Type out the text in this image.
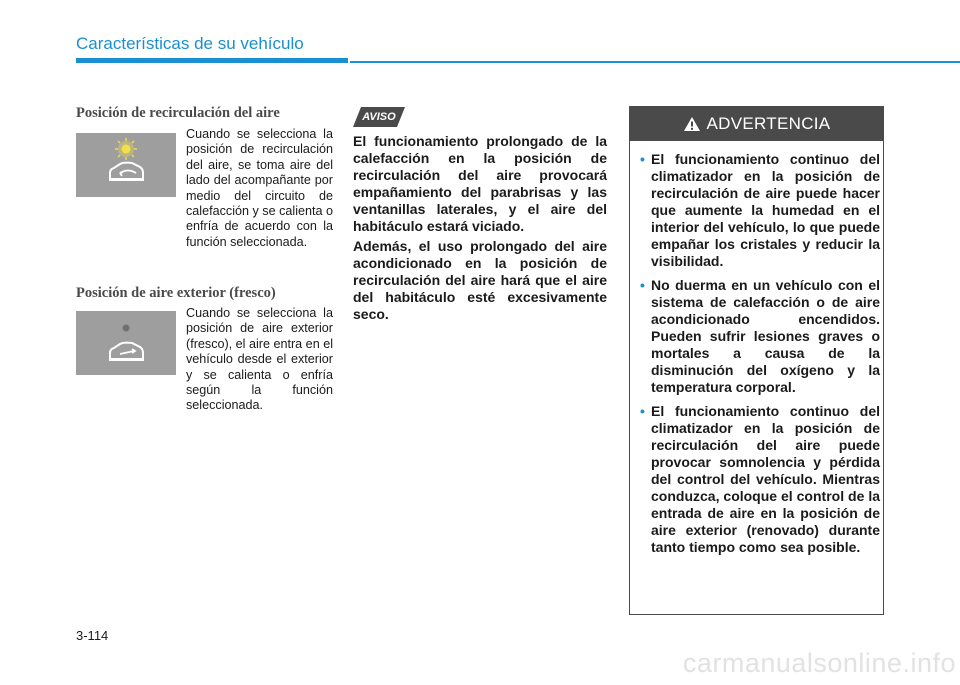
Características de su vehículo
Posición de recirculación del aire

Cuando se selecciona la posición de recirculación del aire, se toma aire del lado del acompañante por medio del circuito de calefacción y se calienta o enfría de acuerdo con la función seleccionada.

Posición de aire exterior (fresco)

Cuando se selecciona la posición de aire exterior (fresco), el aire entra en el vehículo desde el exterior y se calienta o enfría según la función seleccionada.

AVISO

El funcionamiento prolongado de la calefacción en la posición de recirculación del aire provocará empañamiento del parabrisas y las ventanillas laterales, y el aire del habitáculo estará viciado.

Además, el uso prolongado del aire acondicionado en la posición de recirculación del aire hará que el aire del habitáculo esté excesivamente seco.

ADVERTENCIA
• El funcionamiento continuo del climatizador en la posición de recirculación de aire puede hacer que aumente la humedad en el interior del vehículo, lo que puede empañar los cristales y reducir la visibilidad.
• No duerma en un vehículo con el sistema de calefacción o de aire acondicionado encendidos. Pueden sufrir lesiones graves o mortales a causa de la disminución del oxígeno y la temperatura corporal.
• El funcionamiento continuo del climatizador en la posición de recirculación del aire puede provocar somnolencia y pérdida del control del vehículo. Mientras conduzca, coloque el control de la entrada de aire en la posición de aire exterior (renovado) durante tanto tiempo como sea posible.
3-114
carmanualsonline.info
